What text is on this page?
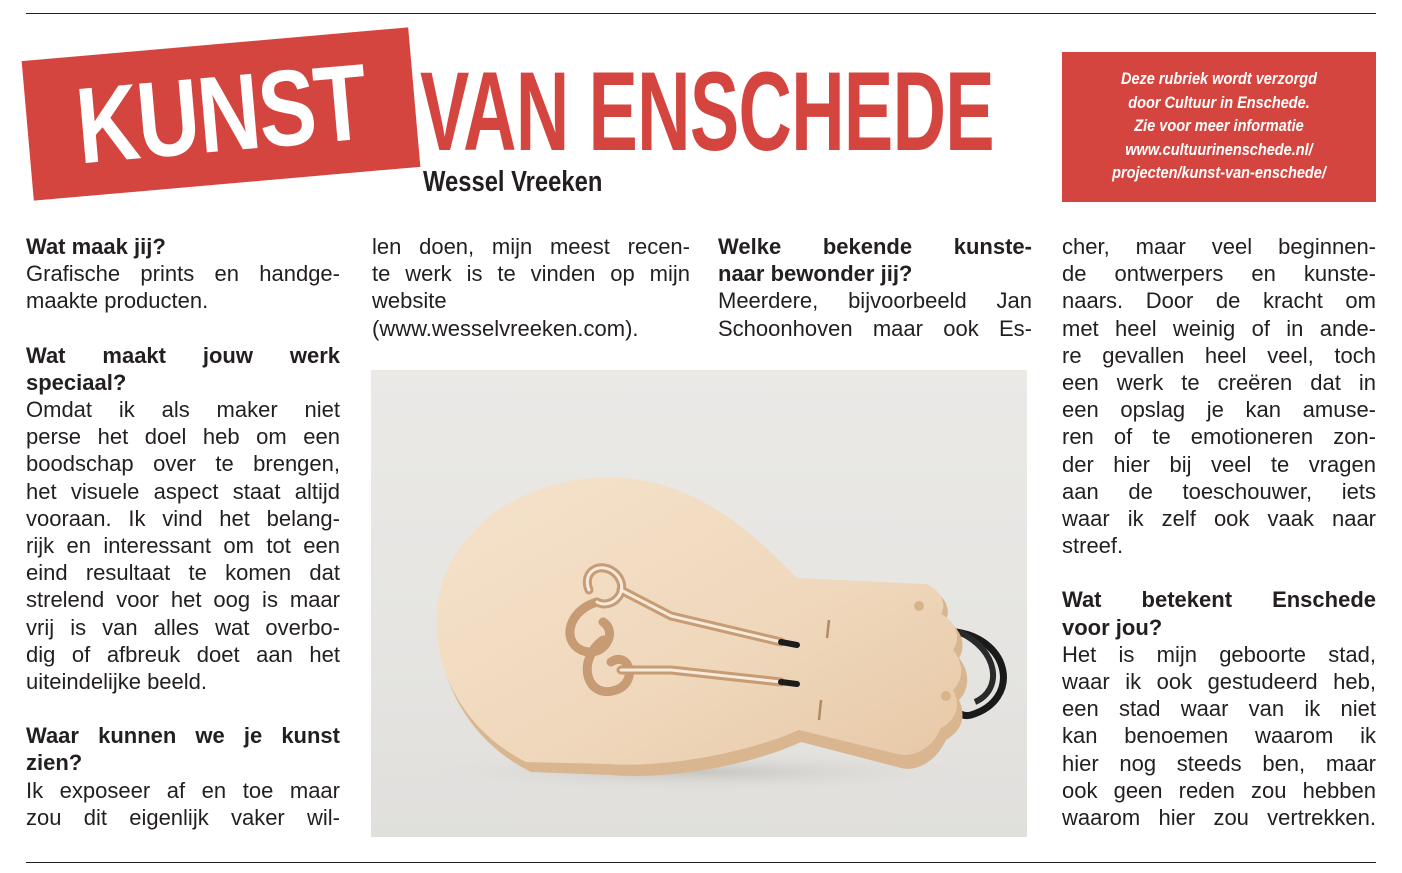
KUNST VAN ENSCHEDE
Wessel Vreeken
Deze rubriek wordt verzorgd
door Cultuur in Enschede.
Zie voor meer informatie
www.cultuurinenschede.nl/
projecten/kunst-van-enschede/

Wat maak jij?

Grafische prints en handge-
maakte producten.
Wat maakt jouw werk
speciaal?
Omdat ik als maker niet
perse het doel heb om een
boodschap over te brengen,
het visuele aspect staat altijd
vooraan. Ik vind het belang-
rijk en interessant om tot een
eind resultaat te komen dat
strelend voor het oog is maar
vrij is van alles wat overbo-
dig of afbreuk doet aan het
uiteindelijke beeld.
Waar kunnen we je kunst
zien?
Ik exposeer af en toe maar
zou dit eigenlijk vaker wil-
len doen, mijn meest recen-
te werk is te vinden op mijn
website
(www.wesselvreeken.com).
Welke bekende kunste-
naar bewonder jij?
Meerdere, bijvoorbeeld Jan
Schoonhoven maar ook Es-
cher, maar veel beginnen-
de ontwerpers en kunste-
naars. Door de kracht om
met heel weinig of in ande-
re gevallen heel veel, toch
een werk te creëren dat in
een opslag je kan amuse-
ren of te emotioneren zon-
der hier bij veel te vragen
aan de toeschouwer, iets
waar ik zelf ook vaak naar
streef.
Wat betekent Enschede
voor jou?
Het is mijn geboorte stad,
waar ik ook gestudeerd heb,
een stad waar van ik niet
kan benoemen waarom ik
hier nog steeds ben, maar
ook geen reden zou hebben
waarom hier zou vertrekken.
